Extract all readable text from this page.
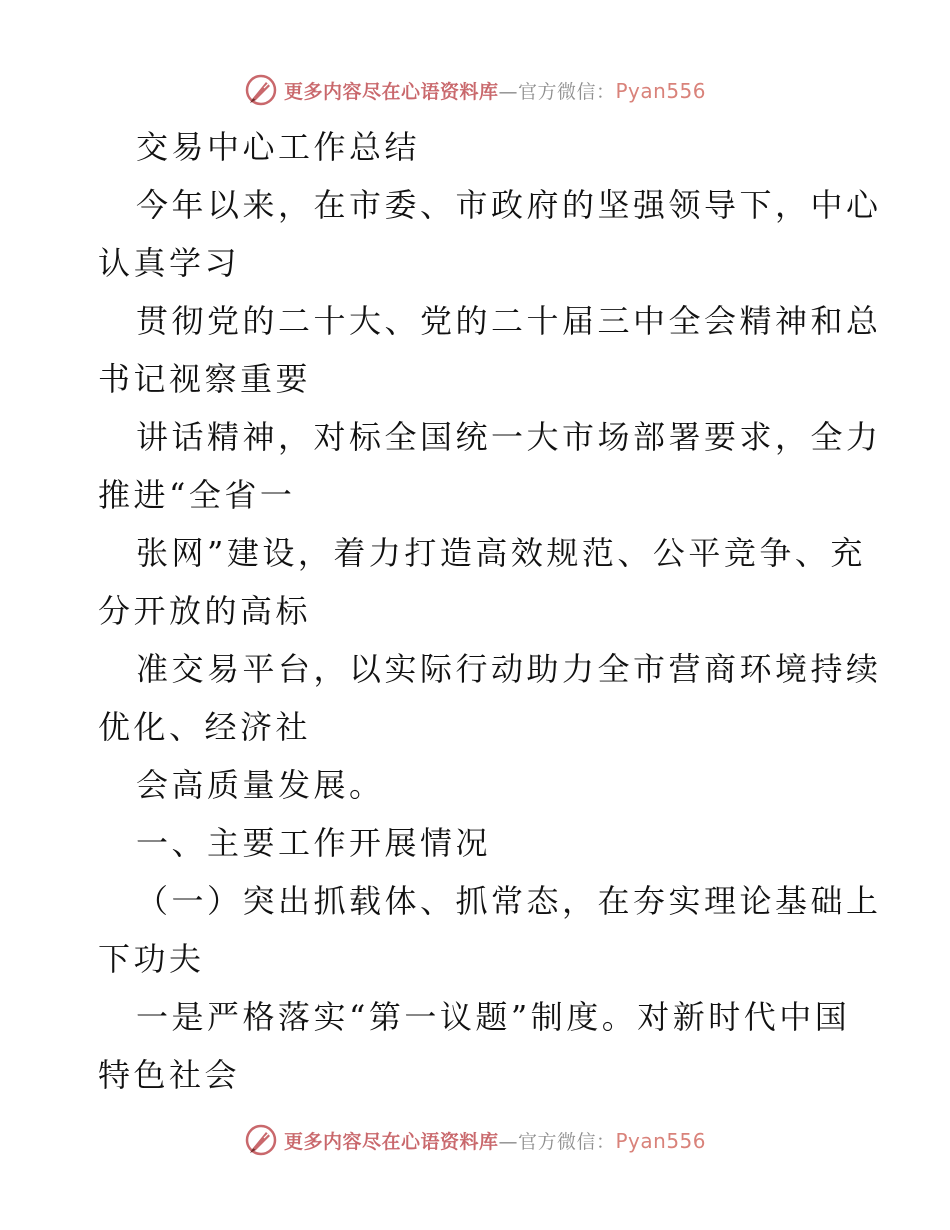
更多内容尽在心语资料库—官方微信：Pyan556
交易中心工作总结
今年以来，在市委、市政府的坚强领导下，中心
认真学习
贯彻党的二十大、党的二十届三中全会精神和总
书记视察重要
讲话精神，对标全国统一大市场部署要求，全力
推进“全省一
张网”建设，着力打造高效规范、公平竞争、充
分开放的高标
准交易平台，以实际行动助力全市营商环境持续
优化、经济社
会高质量发展。
一、主要工作开展情况
（一）突出抓载体、抓常态，在夯实理论基础上
下功夫
一是严格落实“第一议题”制度。对新时代中国
特色社会
更多内容尽在心语资料库—官方微信：Pyan556
